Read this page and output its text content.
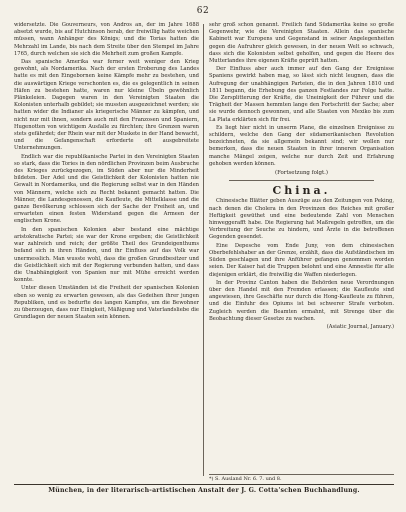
62

widersetzte. Die Gouverneurs, von Andros an, der im Jahre 1688 absetzt wurde, bis auf Hutchinson herab, der freiwillig hatte weichen müssen, wann Anhänger des Königs; und die Torias hatten die Mehrzahl im Lande, bis nach dem Streite über den Stempel im Jahre 1765, durch welchen sie sich die Mehrheit zum großen Kampfe.

Das spanische Amerika war ferner weit weniger den Krieg gewohnt, als Nordamerika. Nach der ersten Eroberung des Landes hatte es mit den Eingebornen keine Kämpfe mehr zu bestehen, und die auswärtigen Kriege verschonten es, die es gelegentlich in seinen Häfen zu bestehen hatte, waren nur kleine Übeln gewöhnlich Plänkeleien. Dagegen waren in den Vereinigten Staaten die Kolonisten unterhalb gebildet; sie mussten ausgezeichnet werden; sie hatten wider die Indianer als kriegerische Männer zu kämpfen, und nicht nur mit ihnen, sondern auch mit den Franzosen und Spaniern, Hugenotten von wichtigem Ausfalle zu fürchten; ihre Grenzen waren stets gefährdet; der Rhein war mit der Muskete in der Hand bewacht, und die Gefangenschaft erforderte oft ausgebreitete Unternehmungen.

Endlich war die republikanische Partei in den Vereinigten Staaten so stark, dass die Tories in den nördlichen Provinzen beim Ausbruche des Krieges zurückgezogen, im Süden aber nur die Minderheit bildeten. Der Adel und die Geistlichkeit der Kolonisten hatten nie Gewalt in Nordamerika, und die Regierung selbst war in den Händen von Männern, welche sich zu Recht bekannt gemacht hatten. Die Männer, die Landesgenossen, die Kaufleute, die Mittelklasse und die ganze Bevölkerung schlossen sich der Sache der Freiheit an, und erwarteten einen festen Widerstand gegen die Armeen der englischen Krone.

In den spanischen Kolonien aber bestand eine mächtige aristokratische Partei; sie war der Krone ergeben; die Geistlichkeit war zahlreich und reich; der größte Theil des Grundeigenthums befand sich in ihren Händen, und ihr Einfluss auf das Volk war unermesslich. Man wusste wohl, dass die großen Grundbesitzer und die Geistlichkeit sich mit der Regierung verbunden hatten, und dass die Unabhängigkeit von Spanien nur mit Mühe erreicht werden konnte.

Unter diesen Umständen ist die Freiheit der spanischen Kolonien eben so wenig zu erwarten gewesen, als das Gedeihen ihrer jungen Republiken, und es bedurfte des langen Kampfes, um die Bewohner zu überzeugen, dass nur Einigkeit, Mäßigung und Vaterlandsliebe die Grundlagen der neuen Staaten sein können.

sehr groß schon genannt. Freilich fand Südamerika keine so große Gegenwehr, wie die Vereinigten Staaten. Allein das spanische Kabinett war Europens und Gegenstand in seiner Angelegenheiten gegen die Aufruhrer gleich gewesen, in der neuen Welt so schwach, dass sich die Kolonisten selbst geholfen, und gegen die Heere des Mutterlandes ihre eigenen Kräfte geprüft hatten.

Der Einfluss aber auch immer auf den Gang der Ereignisse Spaniens gewirkt haben mag, so lässt sich nicht leugnen, dass die Aufregung der unabhängigen Parteien, die in den Jahren 1810 und 1811 begann, die Erhebung des ganzen Festlandes zur Folge hatte. Die Zersplitterung der Kräfte, die Uneinigkeit der Führer und die Trägheit der Massen hemmten lange den Fortschritt der Sache; aber sie wurde dennoch gewonnen, und alle Staaten von Mexiko bis zum La Plata erklärten sich für frei.

Es liegt hier nicht in unserm Plane, die einzelnen Ereignisse zu schildern, welche den Gang der südamerikanischen Revolution bezeichneten, da sie allgemein bekannt sind; wir wollen nur bemerken, dass die neuen Staaten in ihrer inneren Organisation manche Mängel zeigen, welche nur durch Zeit und Erfahrung gehoben werden können.

(Fortsetzung folgt.)
China.

Chinesische Blätter geben Auszüge aus den Zeitungen von Peking, nach denen die Cholera in den Provinzen des Reiches mit großer Heftigkeit gewüthet und eine bedeutende Zahl von Menschen hinweggerafft habe. Die Regierung hat Maßregeln getroffen, um die Verbreitung der Seuche zu hindern, und Ärzte in die betroffenen Gegenden gesendet.

Eine Depesche vom Ende Juny, von dem chinesischen Oberbefehlshaber an der Grenze, erzählt, dass die Aufständischen im Süden geschlagen und ihre Anführer gefangen genommen worden seien. Der Kaiser hat die Truppen belohnt und eine Amnestie für alle diejenigen erklärt, die freiwillig die Waffen niederlegen.

In der Provinz Canton haben die Behörden neue Verordnungen über den Handel mit den Fremden erlassen; die Kaufleute sind angewiesen, ihre Geschäfte nur durch die Hong-Kaufleute zu führen, und die Einfuhr des Opiums ist bei schwerer Strafe verboten. Zugleich werden die Beamten ermahnt, mit Strenge über die Beobachtung dieser Gesetze zu wachen.

(Asiatic Journal, January.)
*) S. Ausland Nr. 6. 7. und 8.
München, in der literarisch-artistischen Anstalt der J. G. Cotta'schen Buchhandlung.
